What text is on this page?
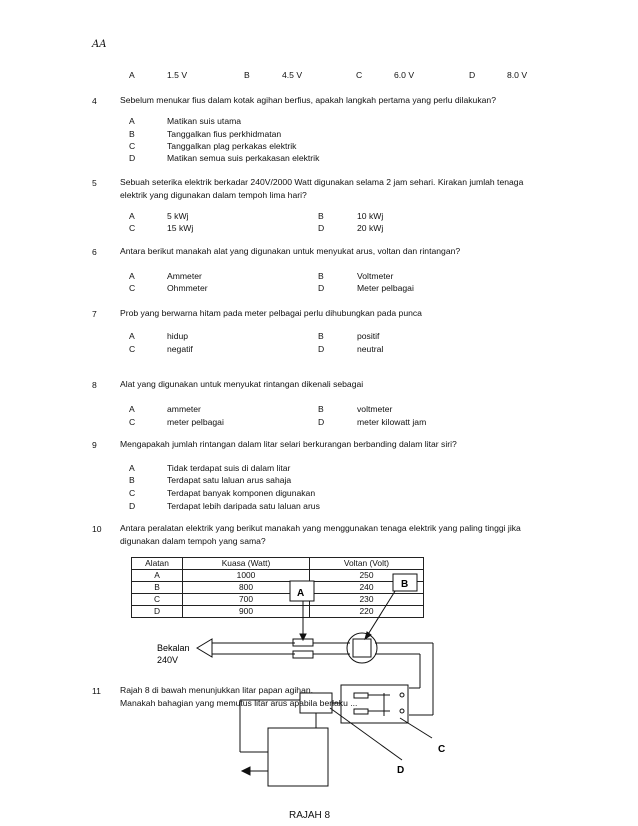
AA
A	1.5 V	B	4.5 V	C	6.0 V	D	8.0 V
4	Sebelum menukar fius dalam kotak agihan berfius, apakah langkah pertama yang perlu dilakukan?
A	Matikan suis utama
B	Tanggalkan fius perkhidmatan
C	Tanggalkan plag perkakas elektrik
D	Matikan semua suis perkakasan elektrik
5	Sebuah seterika elektrik berkadar 240V/2000 Watt digunakan selama 2 jam sehari. Kirakan jumlah tenaga
elektrik yang digunakan dalam tempoh lima hari?
A	5 kWj	B	10 kWj
C	15 kWj	D	20 kWj
6	Antara berikut manakah alat yang digunakan untuk menyukat arus, voltan dan rintangan?
A	Ammeter	B	Voltmeter
C	Ohmmeter	D	Meter pelbagai
7	Prob yang berwarna hitam pada meter pelbagai perlu dihubungkan pada punca
A	hidup	B	positif
C	negatif	D	neutral
8	Alat yang digunakan untuk menyukat rintangan dikenali sebagai
A	ammeter	B	voltmeter
C	meter pelbagai	D	meter kilowatt jam
9	Mengapakah jumlah rintangan dalam litar selari berkurangan berbanding dalam litar siri?
A	Tidak terdapat suis di dalam litar
B	Terdapat satu laluan arus sahaja
C	Terdapat banyak komponen digunakan
D	Terdapat lebih daripada satu laluan arus
10 Antara peralatan elektrik yang berikut manakah yang menggunakan tenaga elektrik yang paling tinggi jika
digunakan dalam tempoh yang sama?
Alatan	Kuasa (Watt)	Voltan (Volt)
A	1000	250
B	800	240
C	700	230
D	900	220
11 Rajah 8 di bawah menunjukkan litar papan agihan.
Manakah bahagian yang memutus litar arus apabila berlaku ...
A
B
C
D
Bekalan
240V
RAJAH 8
